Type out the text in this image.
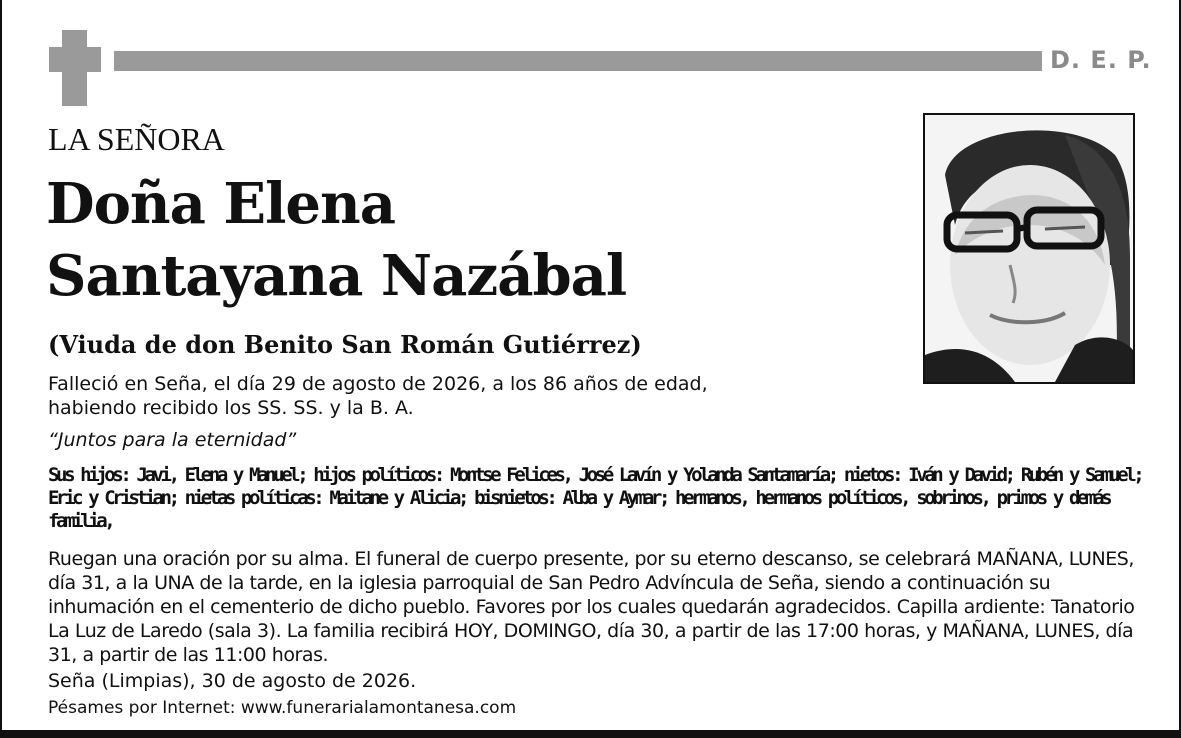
D. E. P.
LA SEÑORA
Doña Elena
Santayana Nazábal
(Viuda de don Benito San Román Gutiérrez)
Falleció en Seña, el día 29 de agosto de 2026, a los 86 años de edad,
habiendo recibido los SS. SS. y la B. A.
“Juntos para la eternidad”
Sus hijos: Javi, Elena y Manuel; hijos políticos: Montse Felices, José Lavín y Yolanda Santamaría; nietos: Iván y David; Rubén y Samuel; Eric y Cristian; nietas políticas: Maitane y Alicia; bisnietos: Alba y Aymar; hermanos, hermanos políticos, sobrinos, primos y demás familia,
Ruegan una oración por su alma. El funeral de cuerpo presente, por su eterno descanso, se celebrará MAÑANA, LUNES, día 31, a la UNA de la tarde, en la iglesia parroquial de San Pedro Advíncula de Seña, siendo a continuación su inhumación en el cementerio de dicho pueblo. Favores por los cuales quedarán agradecidos. Capilla ardiente: Tanatorio La Luz de Laredo (sala 3). La familia recibirá HOY, DOMINGO, día 30, a partir de las 17:00 horas, y MAÑANA, LUNES, día 31, a partir de las 11:00 horas.
Seña (Limpias), 30 de agosto de 2026.
Pésames por Internet: www.funerarialamontanesa.com
